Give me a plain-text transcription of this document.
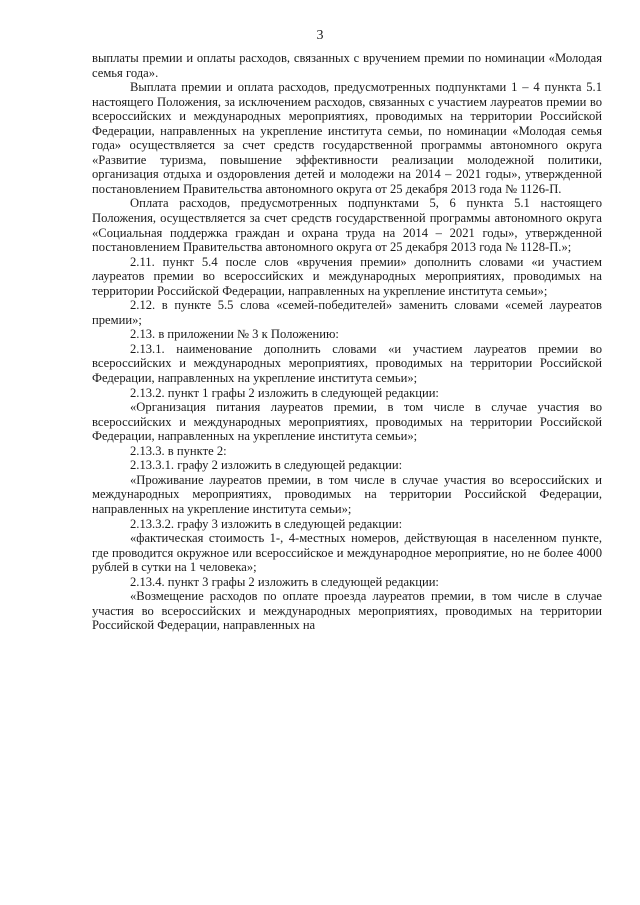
3

выплаты премии и оплаты расходов, связанных с вручением премии по номинации «Молодая семья года».

Выплата премии и оплата расходов, предусмотренных подпунктами 1 – 4 пункта 5.1 настоящего Положения, за исключением расходов, связанных с участием лауреатов премии во всероссийских и международных мероприятиях, проводимых на территории Российской Федерации, направленных на укрепление института семьи, по номинации «Молодая семья года» осуществляется за счет средств государственной программы автономного округа «Развитие туризма, повышение эффективности реализации молодежной политики, организация отдыха и оздоровления детей и молодежи на 2014 – 2021 годы», утвержденной постановлением Правительства автономного округа от 25 декабря 2013 года № 1126-П.

Оплата расходов, предусмотренных подпунктами 5, 6 пункта 5.1 настоящего Положения, осуществляется за счет средств государственной программы автономного округа «Социальная поддержка граждан и охрана труда на 2014 – 2021 годы», утвержденной постановлением Правительства автономного округа от 25 декабря 2013 года № 1128-П.»;

2.11. пункт 5.4 после слов «вручения премии» дополнить словами «и участием лауреатов премии во всероссийских и международных мероприятиях, проводимых на территории Российской Федерации, направленных на укрепление института семьи»;

2.12. в пункте 5.5 слова «семей-победителей» заменить словами «семей лауреатов премии»;

2.13. в приложении № 3 к Положению:

2.13.1. наименование дополнить словами «и участием лауреатов премии во всероссийских и международных мероприятиях, проводимых на территории Российской Федерации, направленных на укрепление института семьи»;

2.13.2. пункт 1 графы 2 изложить в следующей редакции:

«Организация питания лауреатов премии, в том числе в случае участия во всероссийских и международных мероприятиях, проводимых на территории Российской Федерации, направленных на укрепление института семьи»;

2.13.3. в пункте 2:

2.13.3.1. графу 2 изложить в следующей редакции:

«Проживание лауреатов премии, в том числе в случае участия во всероссийских и международных мероприятиях, проводимых на территории Российской Федерации, направленных на укрепление института семьи»;

2.13.3.2. графу 3 изложить в следующей редакции:

«фактическая стоимость 1-, 4-местных номеров, действующая в населенном пункте, где проводится окружное или всероссийское и международное мероприятие, но не более 4000 рублей в сутки на 1 человека»;

2.13.4. пункт 3 графы 2 изложить в следующей редакции:

«Возмещение расходов по оплате проезда лауреатов премии, в том числе в случае участия во всероссийских и международных мероприятиях, проводимых на территории Российской Федерации, направленных на
